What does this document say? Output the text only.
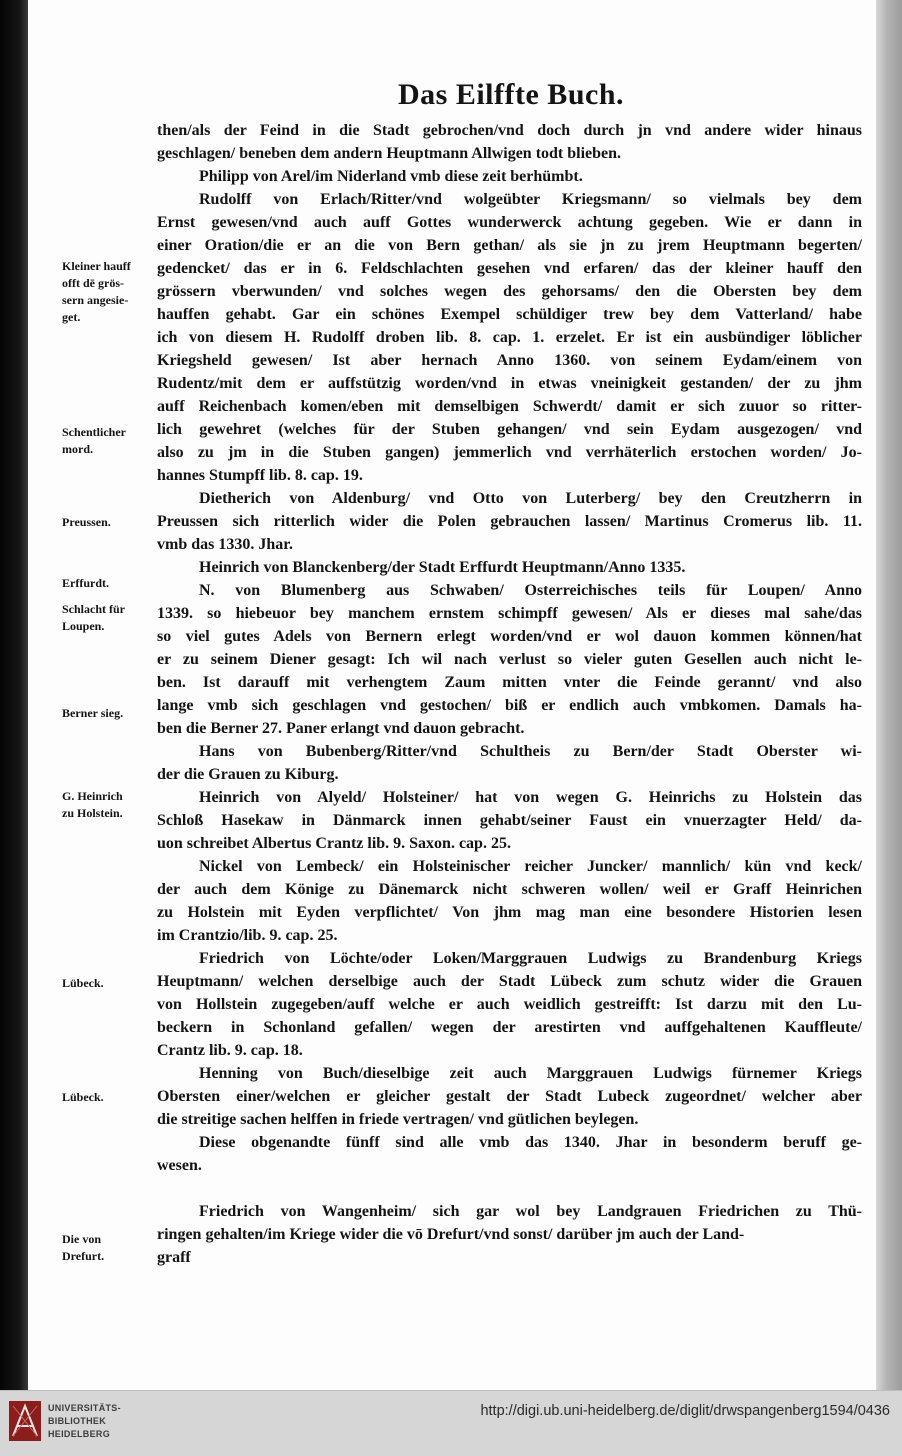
Das Eilffte Buch.
then/als der Feind in die Stadt gebrochen/vnd doch durch jn vnd andere wider hinaus
geschlagen/ beneben dem andern Heuptmann Allwigen todt blieben.
Philipp von Arel/im Niderland vmb diese zeit berhümbt.
Rudolff von Erlach/Ritter/vnd wolgeübter Kriegsmann/ so vielmals bey dem
Ernst gewesen/vnd auch auff Gottes wunderwerck achtung gegeben. Wie er dann in
einer Oration/die er an die von Bern gethan/ als sie jn zu jrem Heuptmann begerten/
gedencket/ das er in 6. Feldschlachten gesehen vnd erfaren/ das der kleiner hauff den
grössern vberwunden/ vnd solches wegen des gehorsams/ den die Obersten bey dem
hauffen gehabt. Gar ein schönes Exempel schüldiger trew bey dem Vatterland/ habe
ich von diesem H. Rudolff droben lib. 8. cap. 1. erzelet. Er ist ein ausbündiger löblicher
Kriegsheld gewesen/ Ist aber hernach Anno 1360. von seinem Eydam/einem von
Rudentz/mit dem er auffstützig worden/vnd in etwas vneinigkeit gestanden/ der zu jhm
auff Reichenbach komen/eben mit demselbigen Schwerdt/ damit er sich zuuor so ritter-
lich gewehret (welches für der Stuben gehangen/ vnd sein Eydam ausgezogen/ vnd
also zu jm in die Stuben gangen) jemmerlich vnd verrhäterlich erstochen worden/ Jo-
hannes Stumpff lib. 8. cap. 19.
Dietherich von Aldenburg/ vnd Otto von Luterberg/ bey den Creutzherrn in
Preussen sich ritterlich wider die Polen gebrauchen lassen/ Martinus Cromerus lib. 11.
vmb das 1330. Jhar.
Heinrich von Blanckenberg/der Stadt Erffurdt Heuptmann/Anno 1335.
N. von Blumenberg aus Schwaben/ Osterreichisches teils für Loupen/ Anno
1339. so hiebeuor bey manchem ernstem schimpff gewesen/ Als er dieses mal sahe/das
so viel gutes Adels von Bernern erlegt worden/vnd er wol dauon kommen können/hat
er zu seinem Diener gesagt: Ich wil nach verlust so vieler guten Gesellen auch nicht le-
ben. Ist darauff mit verhengtem Zaum mitten vnter die Feinde gerannt/ vnd also
lange vmb sich geschlagen vnd gestochen/ biß er endlich auch vmbkomen. Damals ha-
ben die Berner 27. Paner erlangt vnd dauon gebracht.
Hans von Bubenberg/Ritter/vnd Schultheis zu Bern/der Stadt Oberster wi-
der die Grauen zu Kiburg.
Heinrich von Alyeld/ Holsteiner/ hat von wegen G. Heinrichs zu Holstein das
Schloß Hasekaw in Dänmarck innen gehabt/seiner Faust ein vnuerzagter Held/ da-
uon schreibet Albertus Crantz lib. 9. Saxon. cap. 25.
Nickel von Lembeck/ ein Holsteinischer reicher Juncker/ mannlich/ kün vnd keck/
der auch dem Könige zu Dänemarck nicht schweren wollen/ weil er Graff Heinrichen
zu Holstein mit Eyden verpflichtet/ Von jhm mag man eine besondere Historien lesen
im Crantzio/lib. 9. cap. 25.
Friedrich von Löchte/oder Loken/Marggrauen Ludwigs zu Brandenburg Kriegs
Heuptmann/ welchen derselbige auch der Stadt Lübeck zum schutz wider die Grauen
von Hollstein zugegeben/auff welche er auch weidlich gestreifft: Ist darzu mit den Lu-
beckern in Schonland gefallen/ wegen der arestirten vnd auffgehaltenen Kauffleute/
Crantz lib. 9. cap. 18.
Henning von Buch/dieselbige zeit auch Marggrauen Ludwigs fürnemer Kriegs
Obersten einer/welchen er gleicher gestalt der Stadt Lubeck zugeordnet/ welcher aber
die streitige sachen helffen in friede vertragen/ vnd gütlichen beylegen.
Diese obgenandte fünff sind alle vmb das 1340. Jhar in besonderm beruff ge-
wesen.
Friedrich von Wangenheim/ sich gar wol bey Landgrauen Friedrichen zu Thü-
ringen gehalten/im Kriege wider die vō Drefurt/vnd sonst/ darüber jm auch der Land-
graff
Kleiner hauff
offt dē grös-
sern angesie-
get.
Schentlicher
mord.
Preussen.
Erffurdt.
Schlacht für
Loupen.
Berner sieg.
G. Heinrich
zu Holstein.
Lübeck.
Lübeck.
Die von
Drefurt.
UNIVERSITÄTS-
BIBLIOTHEK
HEIDELBERG
http://digi.ub.uni-heidelberg.de/diglit/drwspangenberg1594/0436
